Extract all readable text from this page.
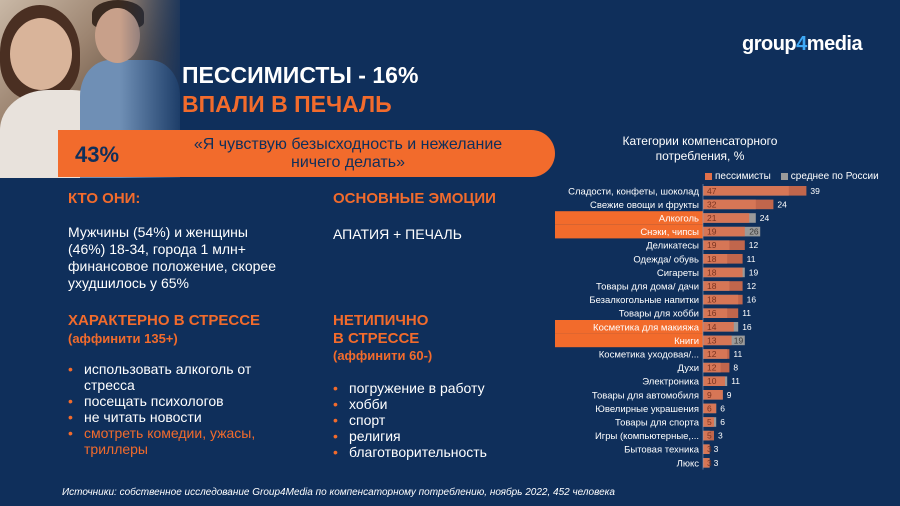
group4media
ПЕССИМИСТЫ - 16%
ВПАЛИ В ПЕЧАЛЬ
43%	«Я чувствую безысходность и нежелание ничего делать»
КТО ОНИ:
Мужчины (54%) и женщины (46%) 18-34, города 1 млн+ финансовое положение, скорее ухудшилось у 65%
ОСНОВНЫЕ ЭМОЦИИ
АПАТИЯ + ПЕЧАЛЬ
ХАРАКТЕРНО В СТРЕССЕ
(аффинити 135+)
• использовать алкоголь от стресса
• посещать психологов
• не читать новости
• смотреть комедии, ужасы, триллеры
НЕТИПИЧНО
В СТРЕССЕ
(аффинити 60-)
• погружение в работу
• хобби
• спорт
• религия
• благотворительность
Источники: собственное исследование Group4Media по компенсаторному потреблению, ноябрь 2022, 452 человека
Категории компенсаторного потребления, %
пессимисты	среднее по России
Сладости, конфеты, шоколад 47	39
Свежие овощи и фрукты 32	24
Алкоголь 21	24
Снэки, чипсы 19	26
Деликатесы 19	12
Одежда/ обувь 18	11
Сигареты 18	19
Товары для дома/ дачи 18	12
Безалкогольные напитки 18	16
Товары для хобби 16	11
Косметика для макияжа 14	16
Книги 13 19
Косметика уходовая/... 12 11
Духи 12 8
Электроника 10 11
Товары для автомобиля 9 9
Ювелирные украшения 6 6
Товары для спорта 5 6
Игры (компьютерные,... 5 3
Бытовая техника 3 3
Люкс 3 3
